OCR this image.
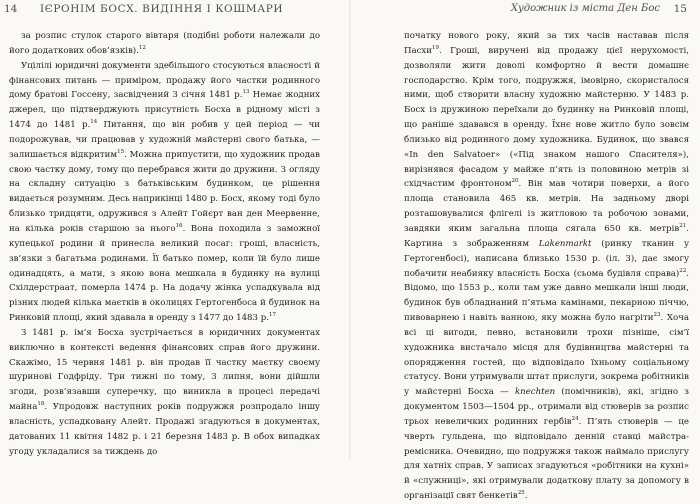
14 ІЄРОНІМ БОСХ. ВИДІННЯ І КОШМАРИ

за розпис стулок старого вівтаря (подібні роботи належали до його додаткових обов’язків).$^{12}$

Уцілілі юридичні документи здебільшого стосуються власності й фінансових питань — приміром, продажу його частки родинного дому братові Госсену, засвідчений 3 січня 1481 р.$^{13}$ Немає жодних джерел, що підтверджують присутність Босха в рідному місті з 1474 до 1481 р.$^{14}$ Питання, що він робив у цей період — чи подорожував, чи працював у художній майстерні свого батька, — залишається відкритим$^{15}$. Можна припустити, що художник продав свою частку дому, тому що перебрався жити до дружини. З огляду на складну ситуацію з батьківським будинком, це рішення видається розумним. Десь наприкінці 1480 р. Босх, якому тоді було близько тридцяти, одружився з Алейт Гойєрт ван ден Меервенне, на кілька років старшою за нього$^{16}$. Вона походила з заможної купецької родини й принесла великий посаг: гроші, власність, зв’язки з багатьма родинами. Її батько помер, коли їй було лише одинадцять, а мати, з якою вона мешкала в будинку на вулиці Схілдерстраат, померла 1474 р. На додачу жінка успадкувала від різних людей кілька маєтків в околицях Гертогенбоса й будинок на Ринковій площі, який здавала в оренду з 1477 до 1483 р.$^{17}$

З 1481 р. ім’я Босха зустрічається в юридичних документах виключно в контексті ведення фінансових справ його дружини. Скажімо, 15 червня 1481 р. він продав її частку маєтку своєму шуринові Годфріду. Три тижні по тому, 3 липня, вони дійшли згоди, розв’язавши суперечку, що виникла в процесі передачі майна$^{18}$. Упродовж наступних років подружжя розпродало іншу власність, успадковану Алейт. Продажі згадуються в документах, датованих 11 квітня 1482 р. і 21 березня 1483 р. В обох випадках угоду укладалися за тиждень до

Художник із міста Ден Бос 15

початку нового року, який за тих часів наставав після Пасхи$^{19}$. Гроші, виручені від продажу цієї нерухомості, дозволяли жити доволі комфортно й вести домашнє господарство. Крім того, подружжя, імовірно, скористалося ними, щоб створити власну художню майстерню. У 1483 р. Босх із дружиною переїхали до будинку на Ринковій площі, що раніше здавався в оренду. Їхнє нове житло було зовсім близько від родинного дому художника. Будинок, що звався «In den Salvatoer» («Під знаком нашого Спасителя»), вирізнявся фасадом у майже п’ять із половиною метрів зі східчастим фронтоном$^{20}$. Він мав чотири поверхи, а його площа становила 465 кв. метрів. На задньому дворі розташовувалися флігелі із житловою та робочою зонами, завдяки яким загальна площа сягала 650 кв. метрів$^{21}$. Картина з зображенням Lakenmarkt (ринку тканин у Гертогенбосі), написана близько 1530 р. (іл. 3), дає змогу побачити неабияку власність Босха (сьома будівля справа)$^{22}$. Відомо, що 1553 р., коли там уже давно мешкали інші люди, будинок був обладнаний п’ятьма камінами, пекарною піччю, пивоварнею і навіть ванною, яку можна було нагріти$^{23}$. Хоча всі ці вигоди, певно, встановили трохи пізніше, сім’ї художника вистачало місця для будівництва майстерні та опорядження гостей, що відповідало їхньому соціальному статусу. Вони утримували штат прислуги, зокрема робітників у майстерні Босха — knechten (помічників), які, згідно з документом 1503—1504 рр., отримали від стюверів за розпис трьох невеличких родинних гербів$^{24}$. П’ять стюверів — це чверть гульдена, що відповідало денній ставці майстра-ремісника. Очевидно, що подружжя також наймало прислугу для хатніх справ. У записах згадуються «робітники на кухні» й «служниці», які отримували додаткову плату за допомогу в організації свят бенкетів$^{25}$.
